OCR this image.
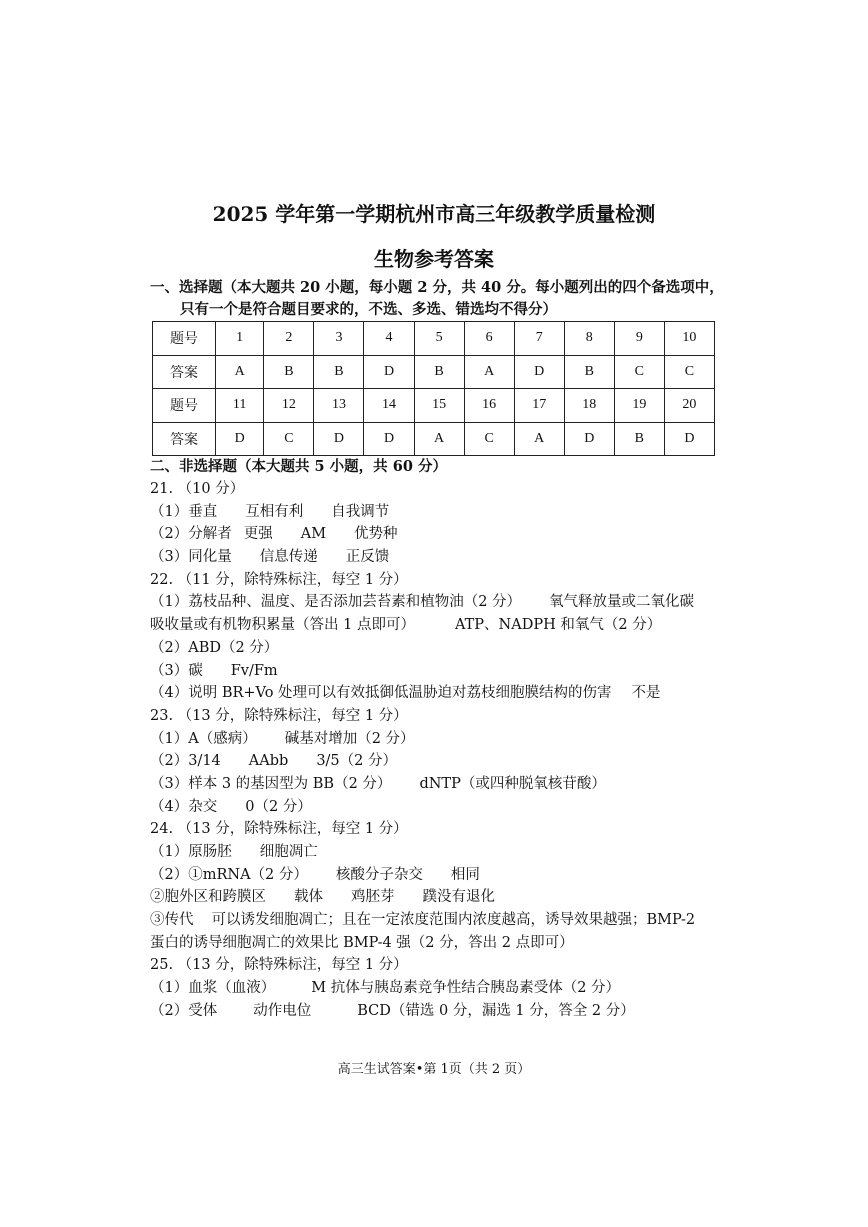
2025 学年第一学期杭州市高三年级教学质量检测
生物参考答案
一、选择题（本大题共 20 小题，每小题 2 分，共 40 分。每小题列出的四个备选项中，
只有一个是符合题目要求的，不选、多选、错选均不得分）
题号	1	2	3	4	5	6	7	8	9	10
答案	A	B	B	D	B	A	D	B	C	C
题号	11	12	13	14	15	16	17	18	19	20
答案	D	C	D	D	A	C	A	D	B	D
二、非选择题（本大题共 5 小题，共 60 分）
21. （10 分）
（1）垂直 互相有利 自我调节
（2）分解者 更强 AM 优势种
（3）同化量 信息传递 正反馈
22. （11 分，除特殊标注，每空 1 分）
（1）荔枝品种、温度、是否添加芸苔素和植物油（2 分） 氧气释放量或二氧化碳
吸收量或有机物积累量（答出 1 点即可）	ATP、NADPH 和氧气（2 分）
（2）ABD（2 分）
（3）碳 Fv/Fm
（4）说明 BR+Vo 处理可以有效抵御低温胁迫对荔枝细胞膜结构的伤害 不是
23. （13 分，除特殊标注，每空 1 分）
（1）A（感病） 碱基对增加（2 分）
（2）3/14 AAbb 3/5（2 分）
（3）样本 3 的基因型为 BB（2 分） dNTP（或四种脱氧核苷酸）
（4）杂交 0（2 分）
24. （13 分，除特殊标注，每空 1 分）
（1）原肠胚 细胞凋亡
（2）①mRNA（2 分） 核酸分子杂交 相同
②胞外区和跨膜区 载体 鸡胚芽 蹼没有退化
③传代 可以诱发细胞凋亡；且在一定浓度范围内浓度越高，诱导效果越强；BMP-2
蛋白的诱导细胞凋亡的效果比 BMP-4 强（2 分，答出 2 点即可）
25. （13 分，除特殊标注，每空 1 分）
（1）血浆（血液） M 抗体与胰岛素竞争性结合胰岛素受体（2 分）
（2）受体 动作电位	BCD（错选 0 分，漏选 1 分，答全 2 分）
高三生试答案•第 1页（共 2 页）
